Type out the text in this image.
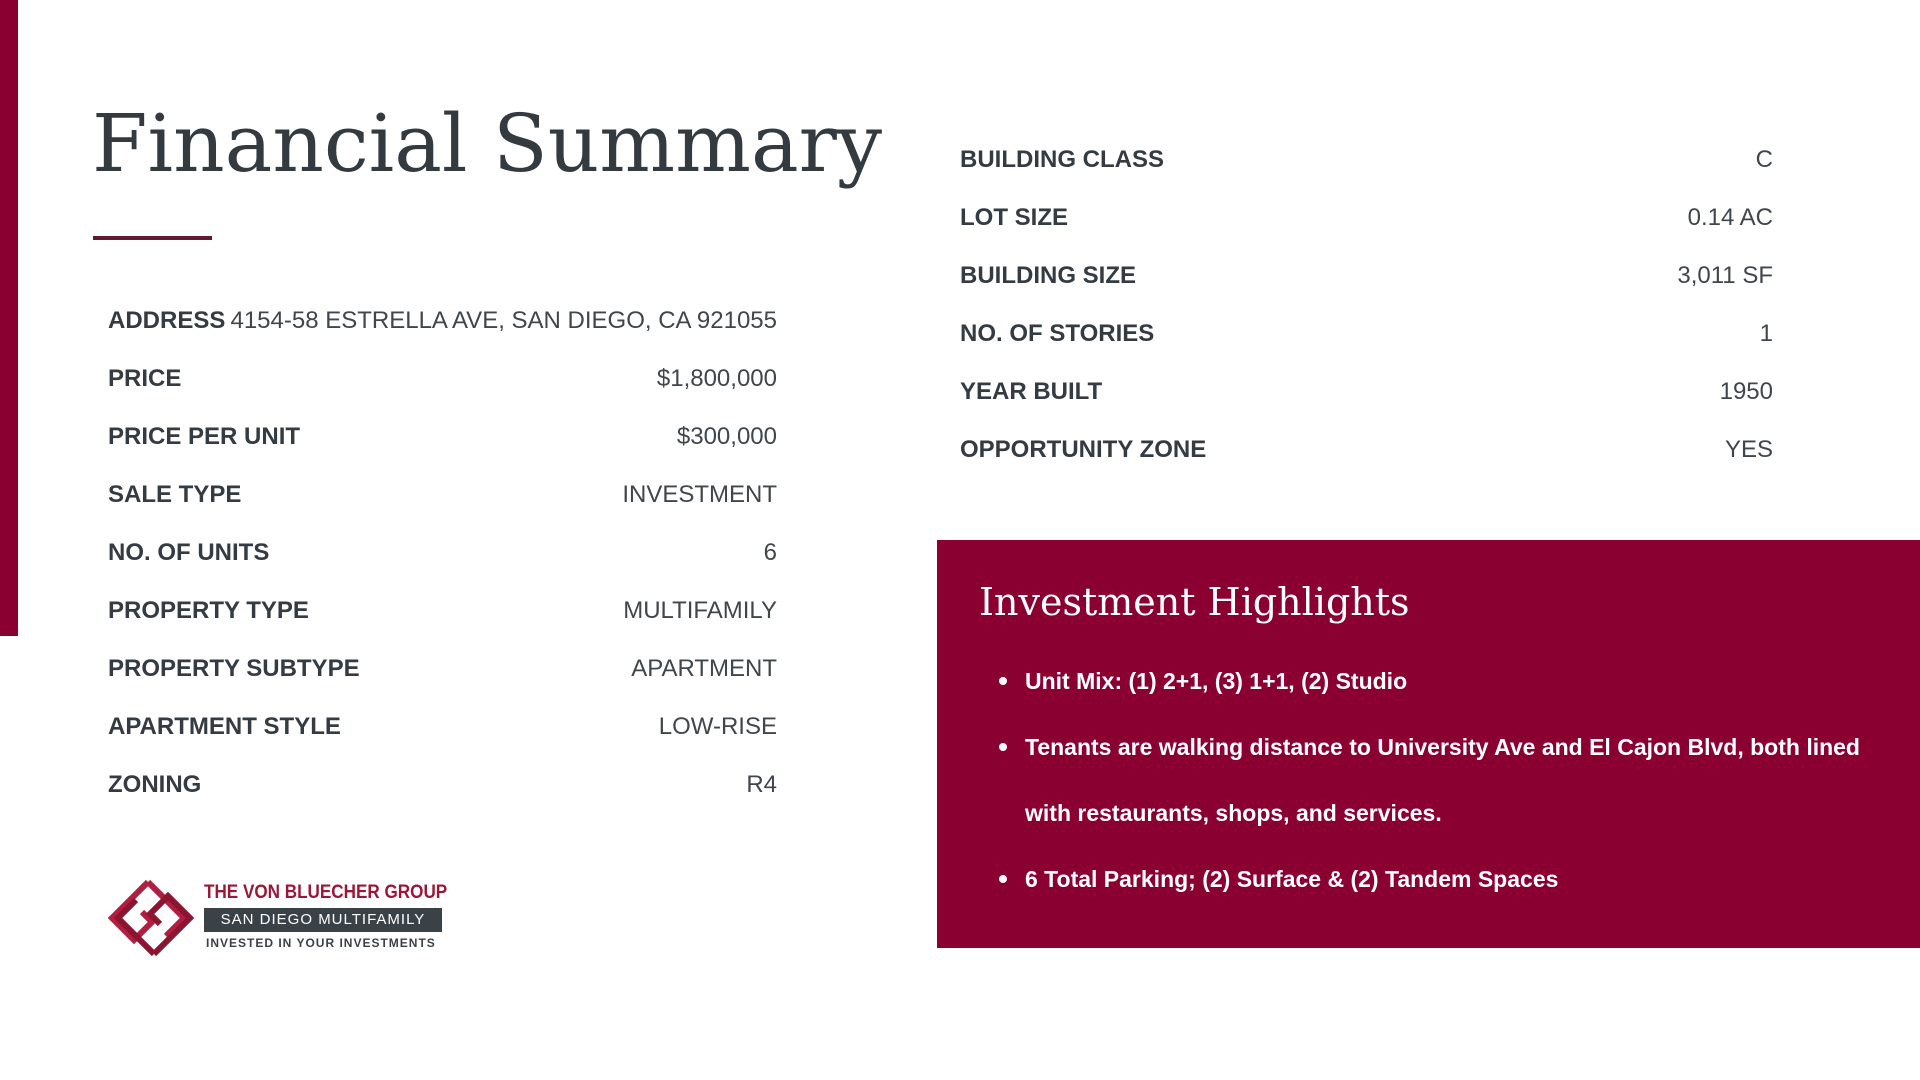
Financial Summary
ADDRESS 4154-58 ESTRELLA AVE, SAN DIEGO, CA 921055
PRICE	$1,800,000
PRICE PER UNIT	$300,000
SALE TYPE	INVESTMENT
NO. OF UNITS	6
PROPERTY TYPE	MULTIFAMILY
PROPERTY SUBTYPE	APARTMENT
APARTMENT STYLE	LOW-RISE
ZONING	R4
BUILDING CLASS	C
LOT SIZE	0.14 AC
BUILDING SIZE	3,011 SF
NO. OF STORIES	1
YEAR BUILT	1950
OPPORTUNITY ZONE	YES
Investment Highlights
Unit Mix: (1) 2+1, (3) 1+1, (2) Studio
Tenants are walking distance to University Ave and El Cajon Blvd, both lined with restaurants, shops, and services.
6 Total Parking; (2) Surface & (2) Tandem Spaces
THE VON BLUECHER GROUP
SAN DIEGO MULTIFAMILY
INVESTED IN YOUR INVESTMENTS
